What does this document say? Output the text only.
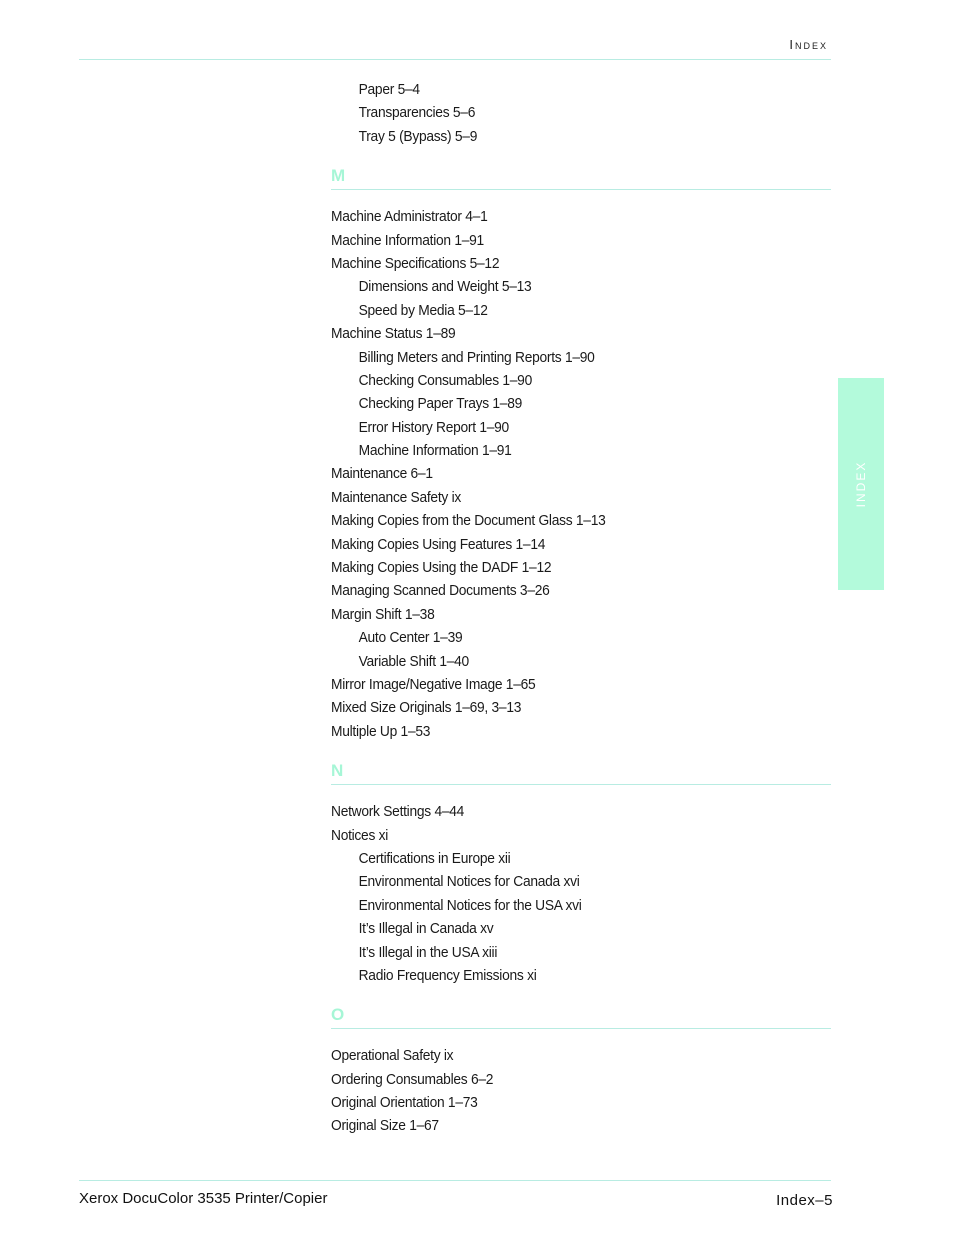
Index
INDEX
Paper 5–4
Transparencies 5–6
Tray 5 (Bypass) 5–9
M
Machine Administrator 4–1
Machine Information 1–91
Machine Specifications 5–12
Dimensions and Weight 5–13
Speed by Media 5–12
Machine Status 1–89
Billing Meters and Printing Reports 1–90
Checking Consumables 1–90
Checking Paper Trays 1–89
Error History Report 1–90
Machine Information 1–91
Maintenance 6–1
Maintenance Safety ix
Making Copies from the Document Glass 1–13
Making Copies Using Features 1–14
Making Copies Using the DADF 1–12
Managing Scanned Documents 3–26
Margin Shift 1–38
Auto Center 1–39
Variable Shift 1–40
Mirror Image/Negative Image 1–65
Mixed Size Originals 1–69, 3–13
Multiple Up 1–53
N
Network Settings 4–44
Notices xi
Certifications in Europe xii
Environmental Notices for Canada xvi
Environmental Notices for the USA xvi
It’s Illegal in Canada xv
It’s Illegal in the USA xiii
Radio Frequency Emissions xi
O
Operational Safety ix
Ordering Consumables 6–2
Original Orientation 1–73
Original Size 1–67
Xerox DocuColor 3535 Printer/Copier	Index–5
